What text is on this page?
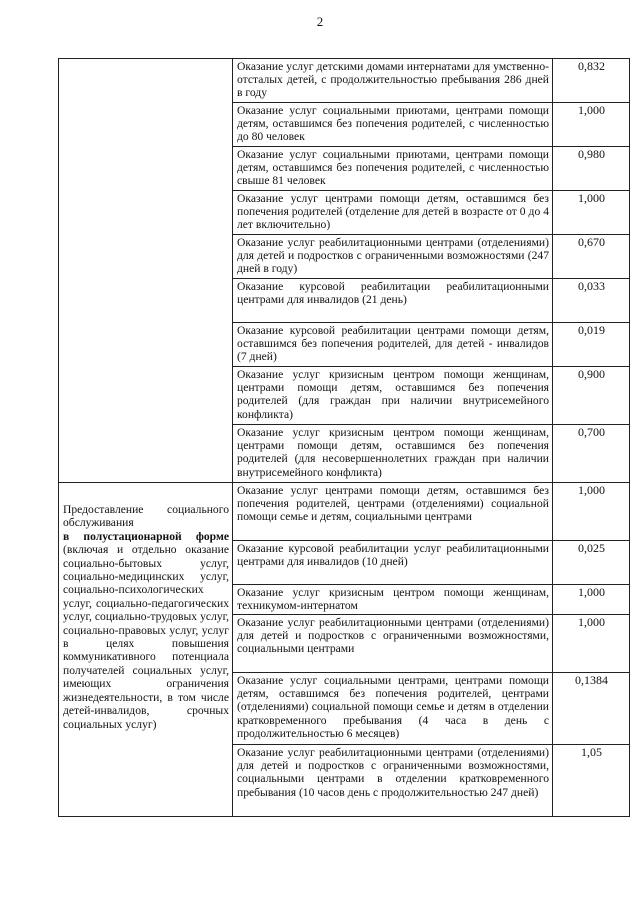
2
	Оказание услуг детскими домами интернатами для умственно-отсталых детей, с продолжительностью пребывания 286 дней в году	0,832
	Оказание услуг социальными приютами, центрами помощи детям, оставшимся без попечения родителей, с численностью до 80 человек	1,000
	Оказание услуг социальными приютами, центрами помощи детям, оставшимся без попечения родителей, с численностью свыше 81 человек	0,980
	Оказание услуг центрами помощи детям, оставшимся без попечения родителей (отделение для детей в возрасте от 0 до 4 лет включительно)	1,000
	Оказание услуг реабилитационными центрами (отделениями) для детей и подростков с ограниченными возможностями (247 дней в году)	0,670
	Оказание курсовой реабилитации реабилитационными центрами для инвалидов (21 день)	0,033
	Оказание курсовой реабилитации центрами помощи детям, оставшимся без попечения родителей, для детей - инвалидов (7 дней)	0,019
	Оказание услуг кризисным центром помощи женщинам, центрами помощи детям, оставшимся без попечения родителей (для граждан при наличии внутрисемейного конфликта)	0,900
	Оказание услуг кризисным центром помощи женщинам, центрами помощи детям, оставшимся без попечения родителей (для несовершеннолетних граждан при наличии внутрисемейного конфликта)	0,700

Предоставление социального обслуживания
в полустационарной форме (включая и отдельно оказание социально-бытовых услуг, социально-медицинских услуг, социально-психологических услуг, социально-педагогических услуг, социально-трудовых услуг, социально-правовых услуг, услуг в целях повышения коммуникативного потенциала получателей социальных услуг, имеющих ограничения жизнедеятельности, в том числе детей-инвалидов, срочных социальных услуг)	Оказание услуг центрами помощи детям, оставшимся без попечения родителей, центрами (отделениями) социальной помощи семье и детям, социальными центрами	1,000
	Оказание курсовой реабилитации услуг реабилитационными центрами для инвалидов (10 дней)	0,025
	Оказание услуг кризисным центром помощи женщинам, техникумом-интернатом	1,000
	Оказание услуг реабилитационными центрами (отделениями) для детей и подростков с ограниченными возможностями, социальными центрами	1,000
	Оказание услуг социальными центрами, центрами помощи детям, оставшимся без попечения родителей, центрами (отделениями) социальной помощи семье и детям в отделении кратковременного пребывания (4 часа в день с продолжительностью 6 месяцев)	0,1384
	Оказание услуг реабилитационными центрами (отделениями) для детей и подростков с ограниченными возможностями, социальными центрами в отделении кратковременного пребывания (10 часов день с продолжительностью 247 дней)	1,05
